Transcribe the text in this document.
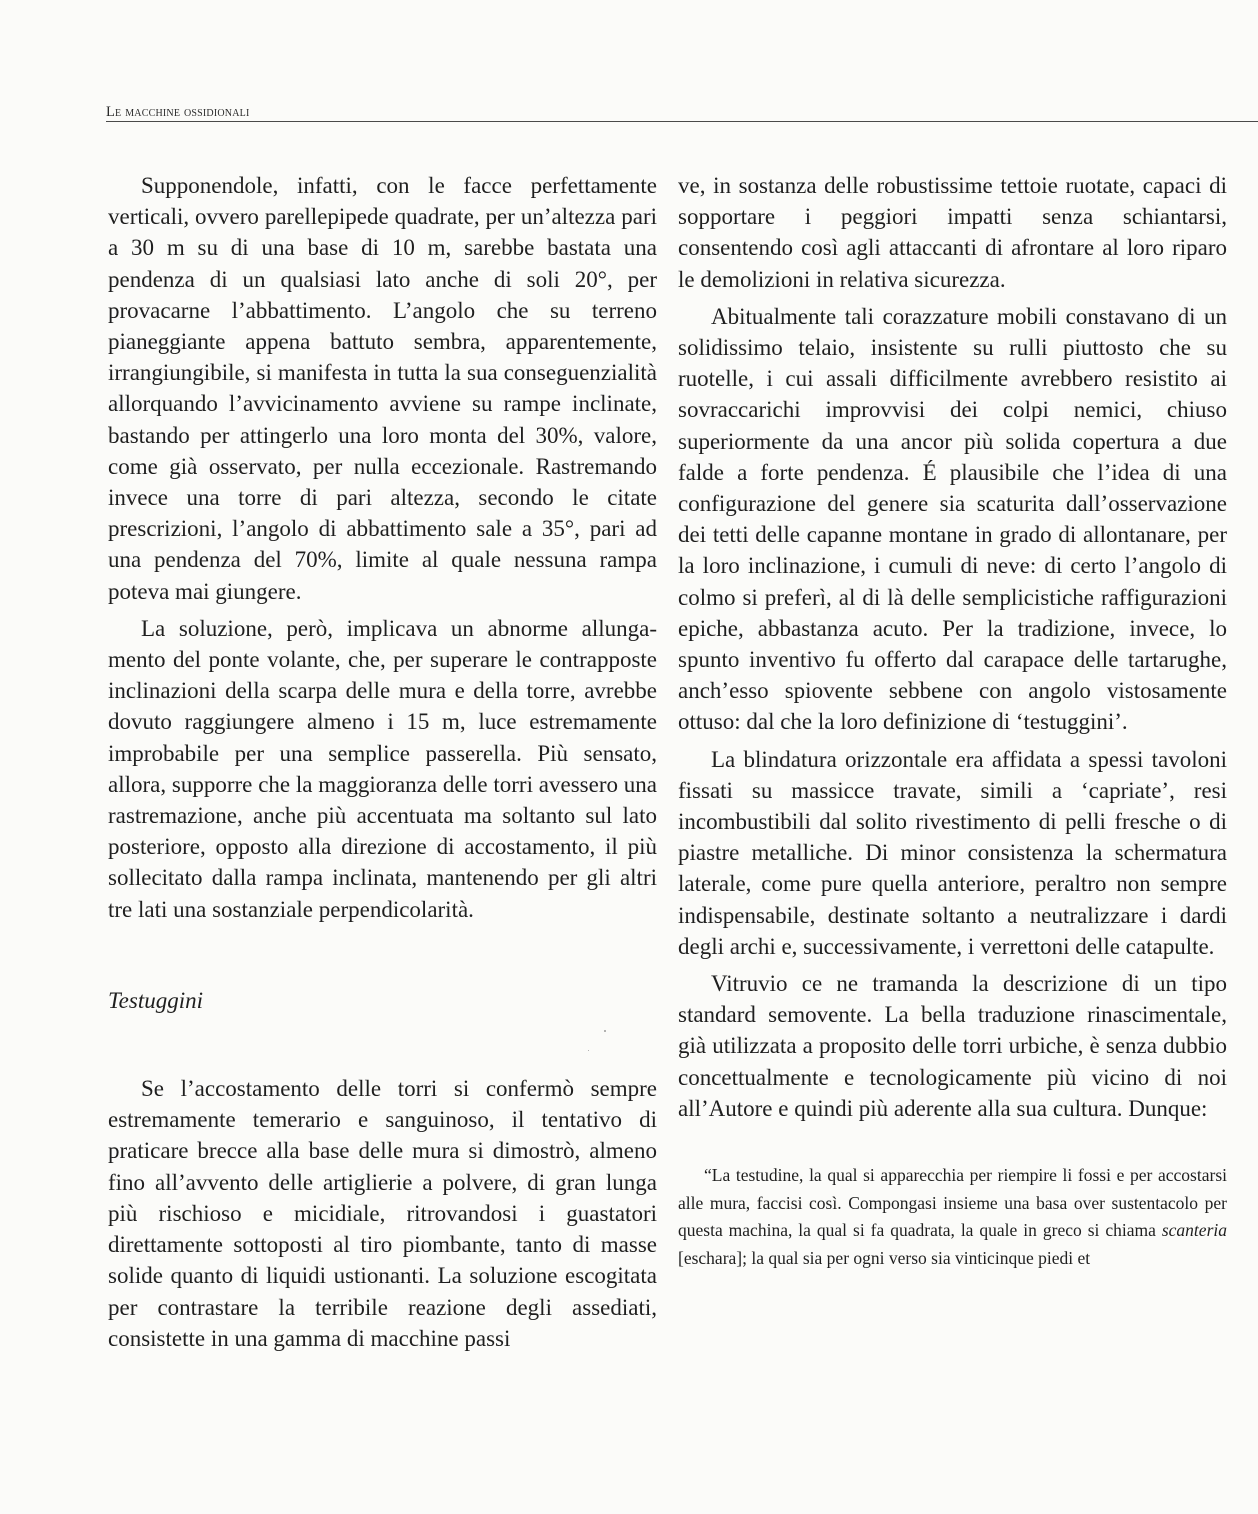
Le macchine ossidionali

Supponendole, infatti, con le facce perfettamente verticali, ovvero parellepipede quadrate, per un’altezza pari a 30 m su di una base di 10 m, sarebbe bastata una pendenza di un qualsiasi lato anche di soli 20°, per provacarne l’abbattimento. L’angolo che su terreno pianeggiante appena battuto sembra, apparentemente, irrangiungibile, si manifesta in tutta la sua conseguenzialità allorquando l’avvicinamento avviene su rampe inclinate, bastando per attingerlo una loro monta del 30%, valore, come già osservato, per nulla eccezionale. Rastremando invece una torre di pari altezza, secondo le citate prescrizioni, l’angolo di abbattimento sale a 35°, pari ad una pendenza del 70%, limite al quale nessuna rampa poteva mai giungere.

La soluzione, però, implicava un abnorme allungamento del ponte volante, che, per superare le contrapposte inclinazioni della scarpa delle mura e della torre, avrebbe dovuto raggiungere almeno i 15 m, luce estremamente improbabile per una semplice passerella. Più sensato, allora, supporre che la maggioranza delle torri avessero una rastremazione, anche più accentuata ma soltanto sul lato posteriore, opposto alla direzione di accostamento, il più sollecitato dalla rampa inclinata, mantenendo per gli altri tre lati una sostanziale perpendicolarità.

Testuggini

Se l’accostamento delle torri si confermò sempre estremamente temerario e sanguinoso, il tentativo di praticare brecce alla base delle mura si dimostrò, almeno fino all’avvento delle artiglierie a polvere, di gran lunga più rischioso e micidiale, ritrovandosi i guastatori direttamente sottoposti al tiro piombante, tanto di masse solide quanto di liquidi ustionanti. La soluzione escogitata per contrastare la terribile reazione degli assediati, consistette in una gamma di macchine passi

ve, in sostanza delle robustissime tettoie ruotate, capaci di sopportare i peggiori impatti senza schiantarsi, consentendo così agli attaccanti di afrontare al loro riparo le demolizioni in relativa sicurezza.

Abitualmente tali corazzature mobili constavano di un solidissimo telaio, insistente su rulli piuttosto che su ruotelle, i cui assali difficilmente avrebbero resistito ai sovraccarichi improvvisi dei colpi nemici, chiuso superiormente da una ancor più solida copertura a due falde a forte pendenza. É plausibile che l’idea di una configurazione del genere sia scaturita dall’osservazione dei tetti delle capanne montane in grado di allontanare, per la loro inclinazione, i cumuli di neve: di certo l’angolo di colmo si preferì, al di là delle semplicistiche raffigurazioni epiche, abbastanza acuto. Per la tradizione, invece, lo spunto inventivo fu offerto dal carapace delle tartarughe, anch’esso spiovente sebbene con angolo vistosamente ottuso: dal che la loro definizione di ‘testuggini’.

La blindatura orizzontale era affidata a spessi tavoloni fissati su massicce travate, simili a ‘capriate’, resi incombustibili dal solito rivestimento di pelli fresche o di piastre metalliche. Di minor consistenza la schermatura laterale, come pure quella anteriore, peraltro non sempre indispensabile, destinate soltanto a neutralizzare i dardi degli archi e, successivamente, i verrettoni delle catapulte.

Vitruvio ce ne tramanda la descrizione di un tipo standard semovente. La bella traduzione rinascimentale, già utilizzata a proposito delle torri urbiche, è senza dubbio concettualmente e tecnologicamente più vicino di noi all’Autore e quindi più aderente alla sua cultura. Dunque:

“La testudine, la qual si apparecchia per riempire li fossi e per accostarsi alle mura, faccisi così. Compongasi insieme una basa over sustentacolo per questa machina, la qual si fa quadrata, la quale in greco si chiama scanteria [eschara]; la qual sia per ogni verso sia vinticinque piedi et
